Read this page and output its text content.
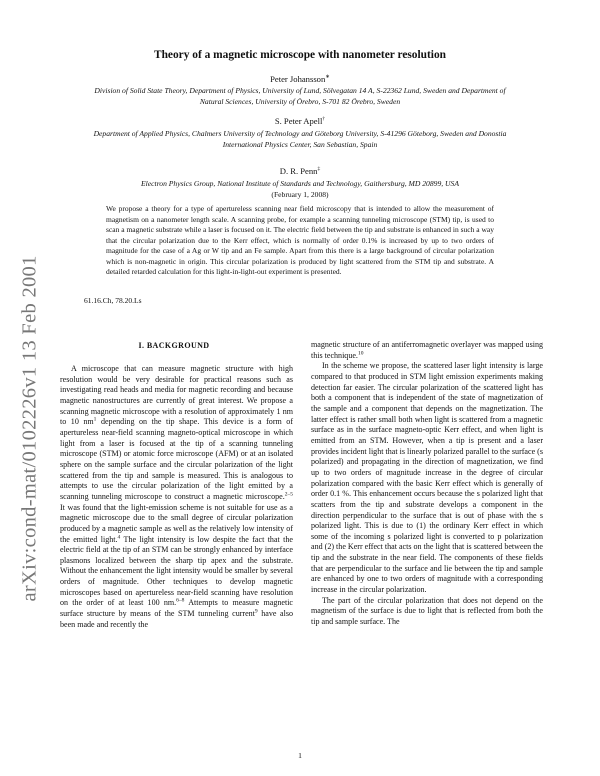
arXiv:cond-mat/0102226v1 13 Feb 2001
Theory of a magnetic microscope with nanometer resolution
Peter Johansson∗
Division of Solid State Theory, Department of Physics, University of Lund, Sölvegatan 14 A, S-22362 Lund, Sweden and Department of Natural Sciences, University of Örebro, S-701 82 Örebro, Sweden
S. Peter Apell†
Department of Applied Physics, Chalmers University of Technology and Göteborg University, S-41296 Göteborg, Sweden and Donostia International Physics Center, San Sebastian, Spain
D. R. Penn‡
Electron Physics Group, National Institute of Standards and Technology, Gaithersburg, MD 20899, USA
(February 1, 2008)
We propose a theory for a type of apertureless scanning near field microscopy that is intended to allow the measurement of magnetism on a nanometer length scale. A scanning probe, for example a scanning tunneling microscope (STM) tip, is used to scan a magnetic substrate while a laser is focused on it. The electric field between the tip and substrate is enhanced in such a way that the circular polarization due to the Kerr effect, which is normally of order 0.1% is increased by up to two orders of magnitude for the case of a Ag or W tip and an Fe sample. Apart from this there is a large background of circular polarization which is non-magnetic in origin. This circular polarization is produced by light scattered from the STM tip and substrate. A detailed retarded calculation for this light-in-light-out experiment is presented.
61.16.Ch, 78.20.Ls
I. BACKGROUND

A microscope that can measure magnetic structure with high resolution would be very desirable for practical reasons such as investigating read heads and media for magnetic recording and because magnetic nanostructures are currently of great interest. We propose a scanning magnetic microscope with a resolution of approximately 1 nm to 10 $nm^1$ depending on the tip shape. This device is a form of apertureless near-field scanning magneto-optical microscope in which light from a laser is focused at the tip of a scanning tunneling microscope (STM) or atomic force microscope (AFM) or at an isolated sphere on the sample surface and the circular polarization of the light scattered from the tip and sample is measured. This is analogous to attempts to use the circular polarization of the light emitted by a scanning tunneling microscope to construct a magnetic microscope.$^{2-5}$ It was found that the light-emission scheme is not suitable for use as a magnetic microscope due to the small degree of circular polarization produced by a magnetic sample as well as the relatively low intensity of the emitted light.$^4$ The light intensity is low despite the fact that the electric field at the tip of an STM can be strongly enhanced by interface plasmons localized between the sharp tip apex and the substrate. Without the enhancement the light intensity would be smaller by several orders of magnitude. Other techniques to develop magnetic microscopes based on apertureless near-field scanning have resolution on the order of at least 100 nm.$^{6-8}$ Attempts to measure magnetic surface structure by means of the STM tunneling current$^9$ have also been made and recently the

magnetic structure of an antiferromagnetic overlayer was mapped using this technique.$^{10}$

In the scheme we propose, the scattered laser light intensity is large compared to that produced in STM light emission experiments making detection far easier. The circular polarization of the scattered light has both a component that is independent of the state of magnetization of the sample and a component that depends on the magnetization. The latter effect is rather small both when light is scattered from a magnetic surface as in the surface magneto-optic Kerr effect, and when light is emitted from an STM. However, when a tip is present and a laser provides incident light that is linearly polarized parallel to the surface (s polarized) and propagating in the direction of magnetization, we find up to two orders of magnitude increase in the degree of circular polarization compared with the basic Kerr effect which is generally of order 0.1 %. This enhancement occurs because the s polarized light that scatters from the tip and substrate develops a component in the direction perpendicular to the surface that is out of phase with the s polarized light. This is due to (1) the ordinary Kerr effect in which some of the incoming s polarized light is converted to p polarization and (2) the Kerr effect that acts on the light that is scattered between the tip and the substrate in the near field. The components of these fields that are perpendicular to the surface and lie between the tip and sample are enhanced by one to two orders of magnitude with a corresponding increase in the circular polarization.

The part of the circular polarization that does not depend on the magnetism of the surface is due to light that is reflected from both the tip and sample surface. The

1
